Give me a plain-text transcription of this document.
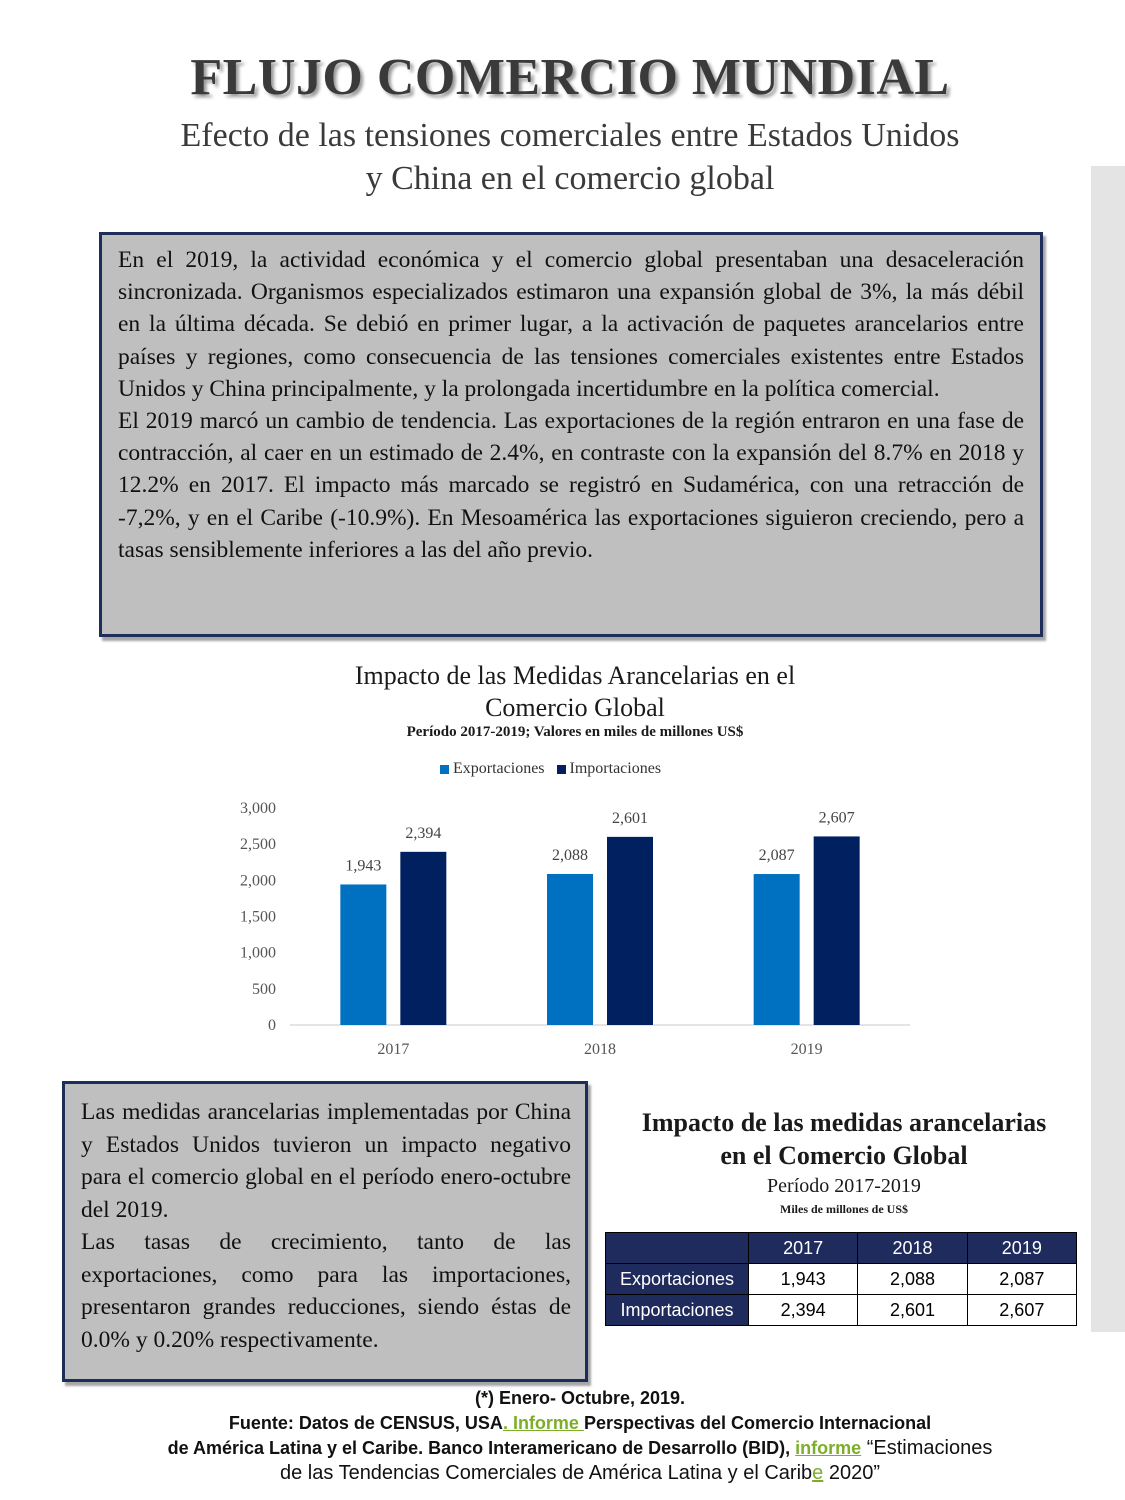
FLUJO COMERCIO MUNDIAL
Efecto de las tensiones comerciales entre Estados Unidos
y China en el comercio global

En el 2019, la actividad económica y el comercio global presentaban una desaceleración sincronizada. Organismos especializados estimaron una expansión global de 3%, la más débil en la última década. Se debió en primer lugar, a la activación de paquetes arancelarios entre países y regiones, como consecuencia de las tensiones comerciales existentes entre Estados Unidos y China principalmente, y la prolongada incertidumbre en la política comercial.

El 2019 marcó un cambio de tendencia. Las exportaciones de la región entraron en una fase de contracción, al caer en un estimado de 2.4%, en contraste con la expansión del 8.7% en 2018 y 12.2% en 2017. El impacto más marcado se registró en Sudamérica, con una retracción de -7,2%, y en el Caribe (-10.9%). En Mesoamérica las exportaciones siguieron creciendo, pero a tasas sensiblemente inferiores a las del año previo.

Impacto de las Medidas Arancelarias en el
Comercio Global
Período 2017-2019; Valores en miles de millones US$
Exportaciones Importaciones
0
500
1,000
1,500
2,000
2,500
3,000
1,943
2,394
2017
2,088
2,601
2018
2,087
2,607
2019

Las medidas arancelarias implementadas por China y Estados Unidos tuvieron un impacto negativo para el comercio global en el período enero-octubre del 2019.

Las tasas de crecimiento, tanto de las exportaciones, como para las importaciones, presentaron grandes reducciones, siendo éstas de 0.0% y 0.20% respectivamente.

Impacto de las medidas arancelarias
en el Comercio Global
Período 2017-2019
Miles de millones de US$
	2017	2018	2019
Exportaciones	1,943	2,088	2,087
Importaciones	2,394	2,601	2,607
(*) Enero- Octubre, 2019.
Fuente: Datos de CENSUS, USA. Informe Perspectivas del Comercio Internacional
de América Latina y el Caribe. Banco Interamericano de Desarrollo (BID), informe “Estimaciones
de las Tendencias Comerciales de América Latina y el Caribe 2020”
